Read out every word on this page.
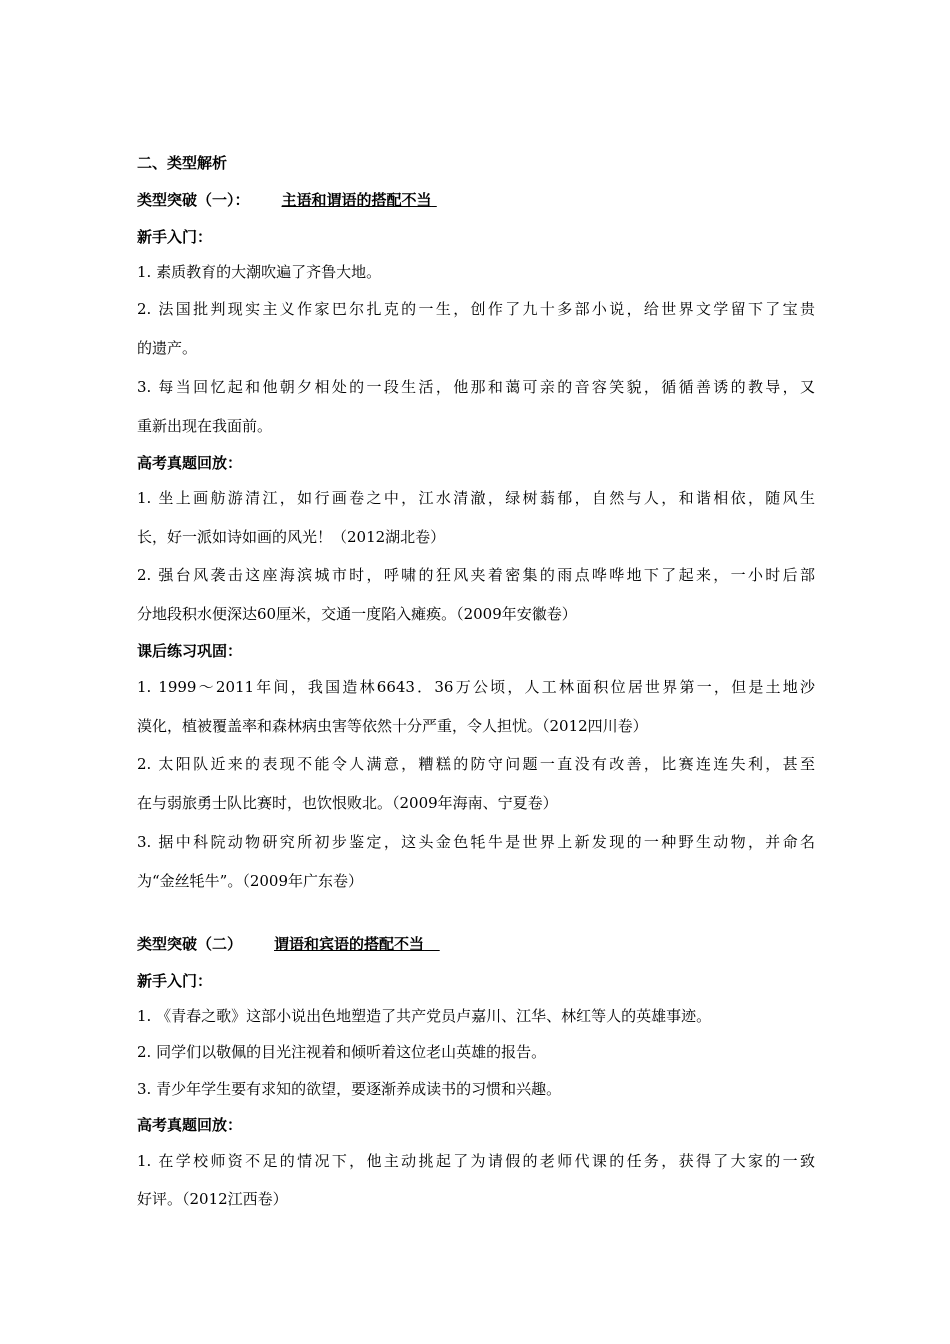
二、类型解析
类型突破（一）： 主语和谓语的搭配不当
新手入门：
1. 素质教育的大潮吹遍了齐鲁大地。
2. 法国批判现实主义作家巴尔扎克的一生，创作了九十多部小说，给世界文学留下了宝贵
的遗产。
3. 每当回忆起和他朝夕相处的一段生活，他那和蔼可亲的音容笑貌，循循善诱的教导，又
重新出现在我面前。
高考真题回放：
1. 坐上画舫游清江，如行画卷之中，江水清澈，绿树蓊郁，自然与人，和谐相依，随风生
长，好一派如诗如画的风光！（2012湖北卷）
2. 强台风袭击这座海滨城市时，呼啸的狂风夹着密集的雨点哗哗地下了起来，一小时后部
分地段积水便深达60厘米，交通一度陷入瘫痪。（2009年安徽卷）
课后练习巩固：
1. 1999～2011年间，我国造林6643．36万公顷，人工林面积位居世界第一，但是土地沙
漠化，植被覆盖率和森林病虫害等依然十分严重，令人担忧。（2012四川卷）
2. 太阳队近来的表现不能令人满意，糟糕的防守问题一直没有改善，比赛连连失利，甚至
在与弱旅勇士队比赛时，也饮恨败北。（2009年海南、宁夏卷）
3. 据中科院动物研究所初步鉴定，这头金色牦牛是世界上新发现的一种野生动物，并命名
为“金丝牦牛”。（2009年广东卷）
类型突破（二） 谓语和宾语的搭配不当
新手入门：
1. 《青春之歌》这部小说出色地塑造了共产党员卢嘉川、江华、林红等人的英雄事迹。
2. 同学们以敬佩的目光注视着和倾听着这位老山英雄的报告。
3. 青少年学生要有求知的欲望，要逐渐养成读书的习惯和兴趣。
高考真题回放：
1. 在学校师资不足的情况下，他主动挑起了为请假的老师代课的任务，获得了大家的一致
好评。（2012江西卷）
